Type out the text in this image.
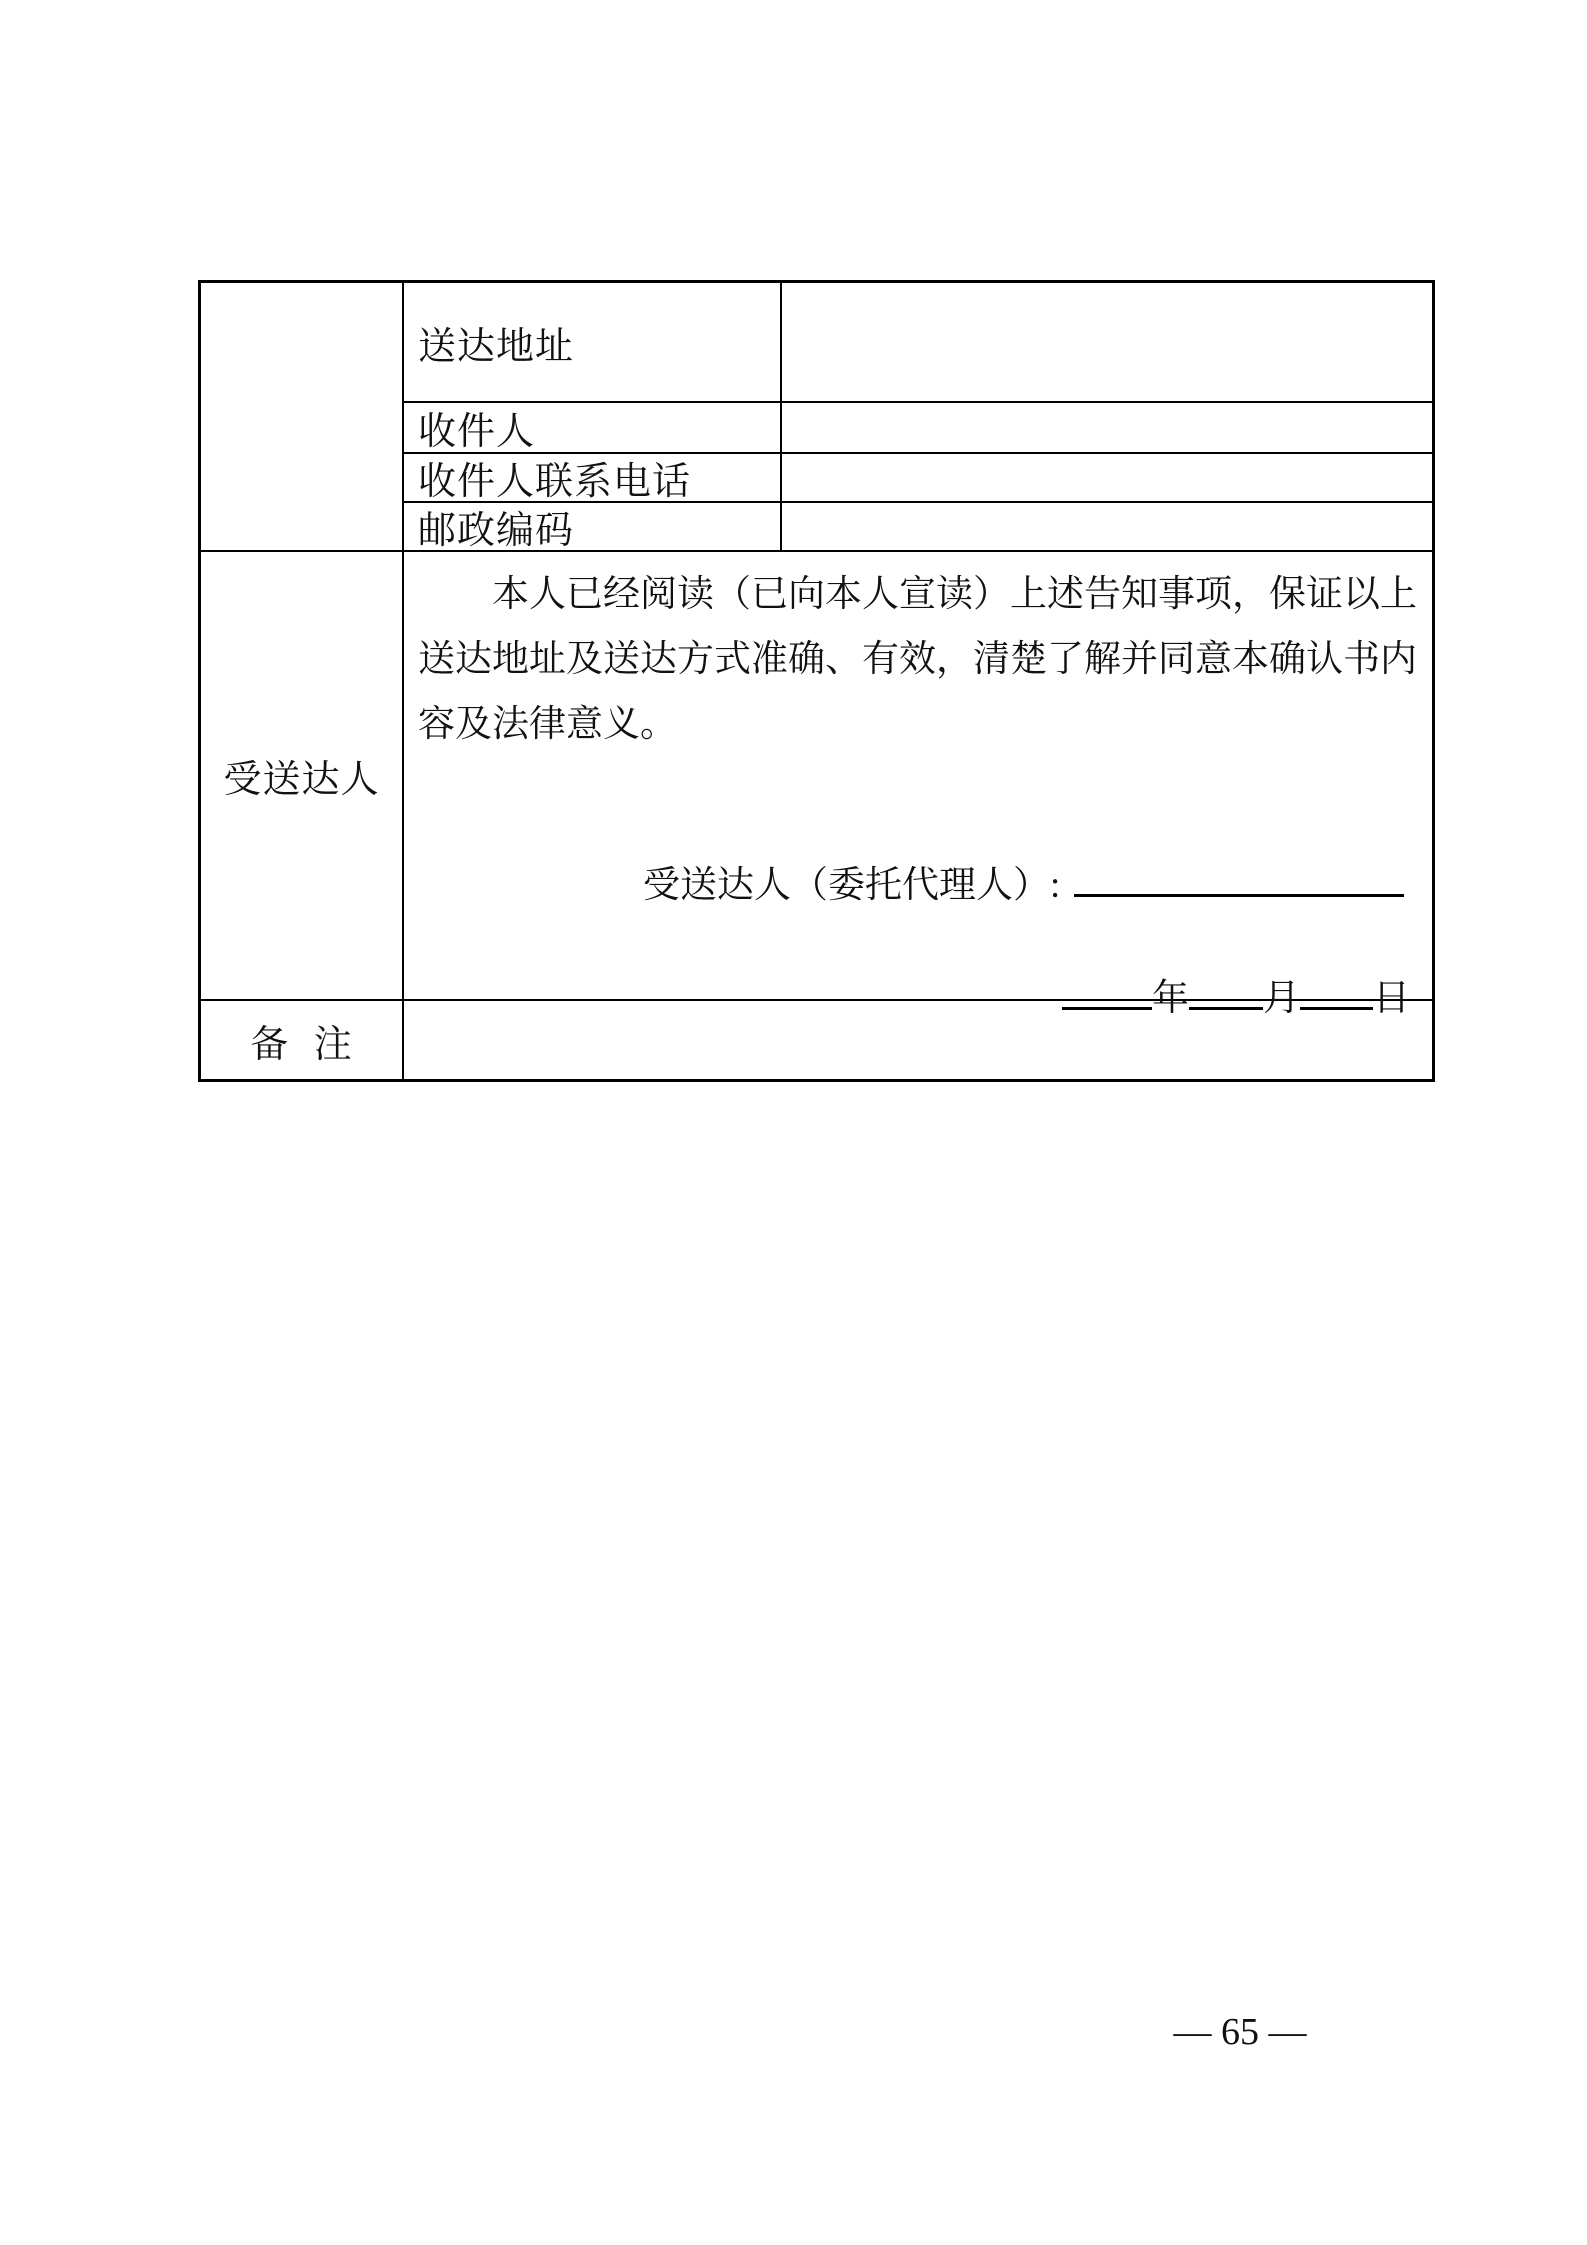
送达地址
收件人
收件人联系电话
邮政编码
受送达人
本人已经阅读（已向本人宣读）上述告知事项，保证以上
送达地址及送达方式准确、有效，清楚了解并同意本确认书内
容及法律意义。
受送达人（委托代理人）:
年 月 日
备 注
— 65 —
